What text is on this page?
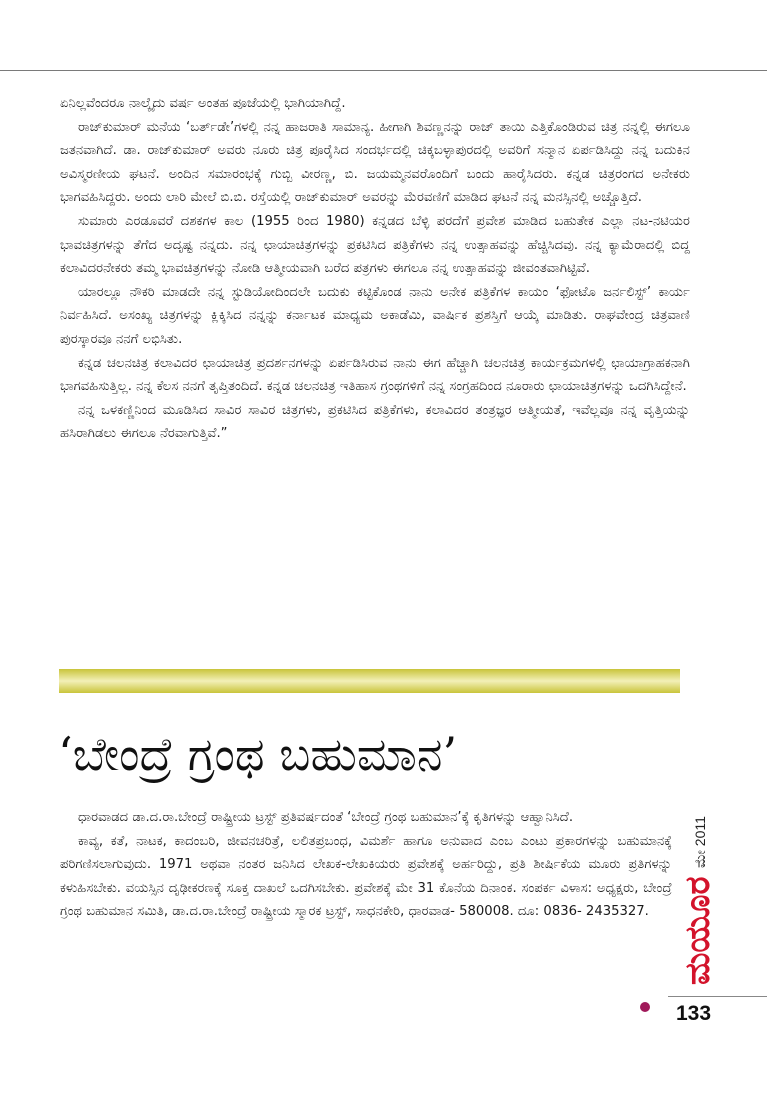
ಏನಿಲ್ಲವೆಂದರೂ ನಾಲ್ಕೈದು ವರ್ಷ ಅಂತಹ ಪೂಜೆಯಲ್ಲಿ ಭಾಗಿಯಾಗಿದ್ದೆ.

ರಾಜ್‌ಕುಮಾರ್ ಮನೆಯ ‘ಬರ್ತ್‌ಡೇ’ಗಳಲ್ಲಿ ನನ್ನ ಹಾಜರಾತಿ ಸಾಮಾನ್ಯ. ಹೀಗಾಗಿ ಶಿವಣ್ಣನನ್ನು ರಾಜ್ ತಾಯಿ ಎತ್ತಿಕೊಂಡಿರುವ ಚಿತ್ರ ನನ್ನಲ್ಲಿ ಈಗಲೂ ಜತನವಾಗಿದೆ. ಡಾ. ರಾಜ್‌ಕುಮಾರ್ ಅವರು ನೂರು ಚಿತ್ರ ಪೂರೈಸಿದ ಸಂದರ್ಭದಲ್ಲಿ ಚಿಕ್ಕಬಳ್ಳಾಪುರದಲ್ಲಿ ಅವರಿಗೆ ಸನ್ಮಾನ ಏರ್ಪಡಿಸಿದ್ದು ನನ್ನ ಬದುಕಿನ ಅವಿಸ್ಮರಣೀಯ ಘಟನೆ. ಅಂದಿನ ಸಮಾರಂಭಕ್ಕೆ ಗುಬ್ಬಿ ವೀರಣ್ಣ, ಬಿ. ಜಯಮ್ಮನವರೊಂದಿಗೆ ಬಂದು ಹಾರೈಸಿದರು. ಕನ್ನಡ ಚಿತ್ರರಂಗದ ಅನೇಕರು ಭಾಗವಹಿಸಿದ್ದರು. ಅಂದು ಲಾರಿ ಮೇಲೆ ಬಿ.ಬಿ. ರಸ್ತೆಯಲ್ಲಿ ರಾಜ್‌ಕುಮಾರ್ ಅವರನ್ನು ಮೆರವಣಿಗೆ ಮಾಡಿದ ಘಟನೆ ನನ್ನ ಮನಸ್ಸಿನಲ್ಲಿ ಅಚ್ಚೊತ್ತಿದೆ.

ಸುಮಾರು ಎರಡೂವರೆ ದಶಕಗಳ ಕಾಲ (1955 ರಿಂದ 1980) ಕನ್ನಡದ ಬೆಳ್ಳಿ ಪರದೆಗೆ ಪ್ರವೇಶ ಮಾಡಿದ ಬಹುತೇಕ ಎಲ್ಲಾ ನಟ-ನಟಿಯರ ಭಾವಚಿತ್ರಗಳನ್ನು ತೆಗೆದ ಅದೃಷ್ಟ ನನ್ನದು. ನನ್ನ ಛಾಯಾಚಿತ್ರಗಳನ್ನು ಪ್ರಕಟಿಸಿದ ಪತ್ರಿಕೆಗಳು ನನ್ನ ಉತ್ಸಾಹವನ್ನು ಹೆಚ್ಚಿಸಿದವು. ನನ್ನ ಕ್ಯಾಮೆರಾದಲ್ಲಿ ಬಿದ್ದ ಕಲಾವಿದರನೇಕರು ತಮ್ಮ ಭಾವಚಿತ್ರಗಳನ್ನು ನೋಡಿ ಆತ್ಮೀಯವಾಗಿ ಬರೆದ ಪತ್ರಗಳು ಈಗಲೂ ನನ್ನ ಉತ್ಸಾಹವನ್ನು ಜೀವಂತವಾಗಿಟ್ಟಿವೆ.

ಯಾರಲ್ಲೂ ನೌಕರಿ ಮಾಡದೇ ನನ್ನ ಸ್ಟುಡಿಯೋದಿಂದಲೇ ಬದುಕು ಕಟ್ಟಿಕೊಂಡ ನಾನು ಅನೇಕ ಪತ್ರಿಕೆಗಳ ಕಾಯಂ ‘ಫೋಟೊ ಜರ್ನಲಿಸ್ಟ್’ ಕಾರ್ಯ ನಿರ್ವಹಿಸಿದೆ. ಅಸಂಖ್ಯ ಚಿತ್ರಗಳನ್ನು ಕ್ಲಿಕ್ಕಿಸಿದ ನನ್ನನ್ನು ಕರ್ನಾಟಕ ಮಾಧ್ಯಮ ಅಕಾಡೆಮಿ, ವಾರ್ಷಿಕ ಪ್ರಶಸ್ತಿಗೆ ಆಯ್ಕೆ ಮಾಡಿತು. ರಾಘವೇಂದ್ರ ಚಿತ್ರವಾಣಿ ಪುರಸ್ಕಾರವೂ ನನಗೆ ಲಭಿಸಿತು.

ಕನ್ನಡ ಚಲನಚಿತ್ರ ಕಲಾವಿದರ ಛಾಯಾಚಿತ್ರ ಪ್ರದರ್ಶನಗಳನ್ನು ಏರ್ಪಡಿಸಿರುವ ನಾನು ಈಗ ಹೆಚ್ಚಾಗಿ ಚಲನಚಿತ್ರ ಕಾರ್ಯಕ್ರಮಗಳಲ್ಲಿ ಛಾಯಾಗ್ರಾಹಕನಾಗಿ ಭಾಗವಹಿಸುತ್ತಿಲ್ಲ. ನನ್ನ ಕೆಲಸ ನನಗೆ ತೃಪ್ತಿತಂದಿದೆ. ಕನ್ನಡ ಚಲನಚಿತ್ರ ಇತಿಹಾಸ ಗ್ರಂಥಗಳಿಗೆ ನನ್ನ ಸಂಗ್ರಹದಿಂದ ನೂರಾರು ಛಾಯಾಚಿತ್ರಗಳನ್ನು ಒದಗಿಸಿದ್ದೇನೆ.

ನನ್ನ ಒಳಕಣ್ಣಿನಿಂದ ಮೂಡಿಸಿದ ಸಾವಿರ ಸಾವಿರ ಚಿತ್ರಗಳು, ಪ್ರಕಟಿಸಿದ ಪತ್ರಿಕೆಗಳು, ಕಲಾವಿದರ ತಂತ್ರಜ್ಞರ ಆತ್ಮೀಯತೆ, ಇವೆಲ್ಲವೂ ನನ್ನ ವೃತ್ತಿಯನ್ನು ಹಸಿರಾಗಿಡಲು ಈಗಲೂ ನೆರವಾಗುತ್ತಿವೆ.”

‘ಬೇಂದ್ರೆ ಗ್ರಂಥ ಬಹುಮಾನ’

ಧಾರವಾಡದ ಡಾ.ದ.ರಾ.ಬೇಂದ್ರೆ ರಾಷ್ಟ್ರೀಯ ಟ್ರಸ್ಟ್ ಪ್ರತಿವರ್ಷದಂತೆ ‘ಬೇಂದ್ರೆ ಗ್ರಂಥ ಬಹುಮಾನ’ಕ್ಕೆ ಕೃತಿಗಳನ್ನು ಆಹ್ವಾನಿಸಿದೆ.

ಕಾವ್ಯ, ಕತೆ, ನಾಟಕ, ಕಾದಂಬರಿ, ಜೀವನಚರಿತ್ರೆ, ಲಲಿತಪ್ರಬಂಧ, ವಿಮರ್ಶೆ ಹಾಗೂ ಅನುವಾದ ಎಂಬ ಎಂಟು ಪ್ರಕಾರಗಳನ್ನು ಬಹುಮಾನಕ್ಕೆ ಪರಿಗಣಿಸಲಾಗುವುದು. 1971 ಅಥವಾ ನಂತರ ಜನಿಸಿದ ಲೇಖಕ-ಲೇಖಕಿಯರು ಪ್ರವೇಶಕ್ಕೆ ಅರ್ಹರಿದ್ದು, ಪ್ರತಿ ಶೀರ್ಷಿಕೆಯ ಮೂರು ಪ್ರತಿಗಳನ್ನು ಕಳುಹಿಸಬೇಕು. ವಯಸ್ಸಿನ ದೃಢೀಕರಣಕ್ಕೆ ಸೂಕ್ತ ದಾಖಲೆ ಒದಗಿಸಬೇಕು. ಪ್ರವೇಶಕ್ಕೆ ಮೇ 31 ಕೊನೆಯ ದಿನಾಂಕ. ಸಂಪರ್ಕ ವಿಳಾಸ: ಅಧ್ಯಕ್ಷರು, ಬೇಂದ್ರೆ ಗ್ರಂಥ ಬಹುಮಾನ ಸಮಿತಿ, ಡಾ.ದ.ರಾ.ಬೇಂದ್ರೆ ರಾಷ್ಟ್ರೀಯ ಸ್ಮಾರಕ ಟ್ರಸ್ಟ್, ಸಾಧನಕೇರಿ, ಧಾರವಾಡ- 580008. ದೂ: 0836- 2435327.

ಮೇ 2011
ಮಯೂರ
133
